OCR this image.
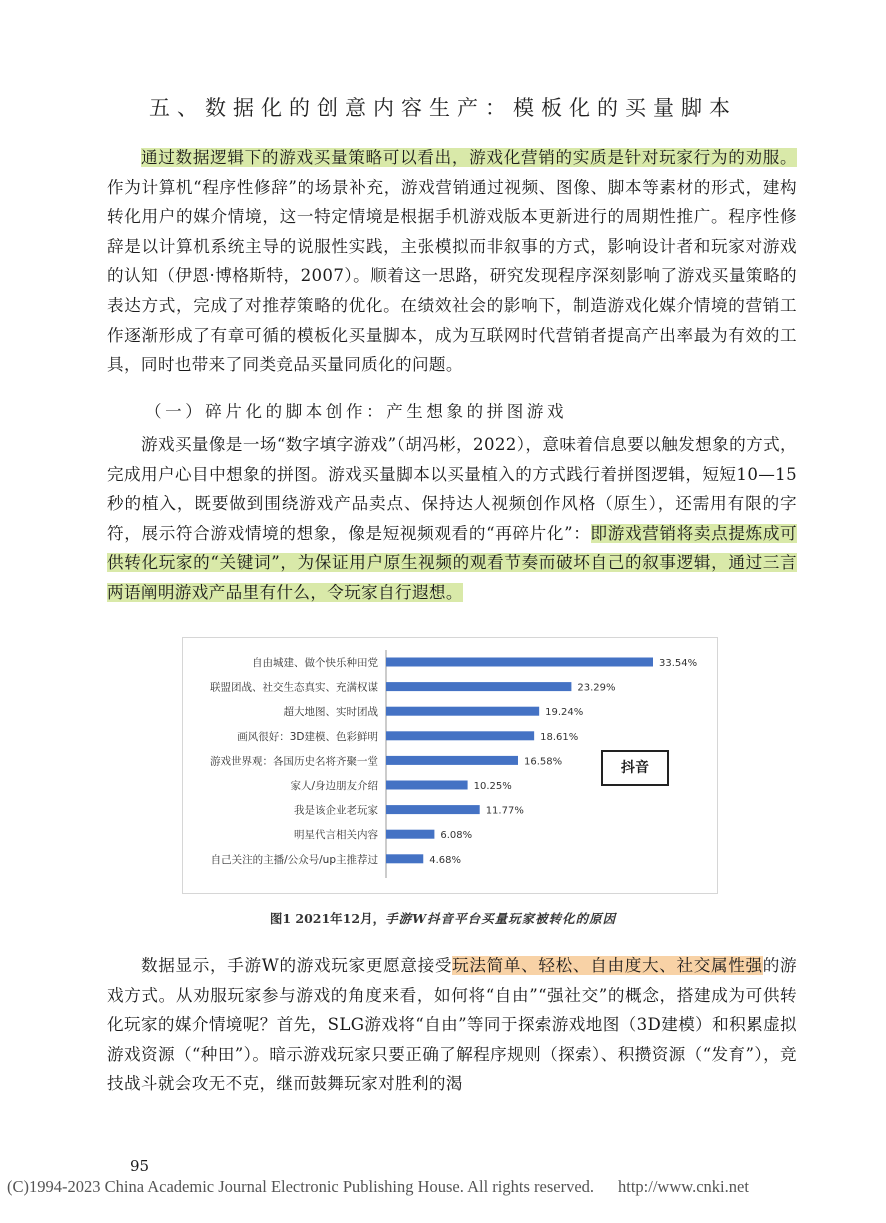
五、数据化的创意内容生产：模板化的买量脚本

通过数据逻辑下的游戏买量策略可以看出，游戏化营销的实质是针对玩家行为的劝服。作为计算机“程序性修辞”的场景补充，游戏营销通过视频、图像、脚本等素材的形式，建构转化用户的媒介情境，这一特定情境是根据手机游戏版本更新进行的周期性推广。程序性修辞是以计算机系统主导的说服性实践，主张模拟而非叙事的方式，影响设计者和玩家对游戏的认知（伊恩·博格斯特，2007）。顺着这一思路，研究发现程序深刻影响了游戏买量策略的表达方式，完成了对推荐策略的优化。在绩效社会的影响下，制造游戏化媒介情境的营销工作逐渐形成了有章可循的模板化买量脚本，成为互联网时代营销者提高产出率最为有效的工具，同时也带来了同类竞品买量同质化的问题。

（一）碎片化的脚本创作：产生想象的拼图游戏

游戏买量像是一场“数字填字游戏”（胡冯彬，2022），意味着信息要以触发想象的方式，完成用户心目中想象的拼图。游戏买量脚本以买量植入的方式践行着拼图逻辑，短短10—15秒的植入，既要做到围绕游戏产品卖点、保持达人视频创作风格（原生），还需用有限的字符，展示符合游戏情境的想象，像是短视频观看的“再碎片化”：即游戏营销将卖点提炼成可供转化玩家的“关键词”，为保证用户原生视频的观看节奏而破坏自己的叙事逻辑，通过三言两语阐明游戏产品里有什么，令玩家自行遐想。

自由城建、做个快乐种田党	33.54%
联盟团战、社交生态真实、充满权谋	23.29%
超大地图、实时团战	19.24%
画风很好：3D建模、色彩鲜明	18.61%
游戏世界观：各国历史名将齐聚一堂	16.58%
家人/身边朋友介绍	10.25%
我是该企业老玩家	11.77%
明星代言相关内容	6.08%
自己关注的主播/公众号/up主推荐过	4.68%
抖音
图1 2021年12月，手游W抖音平台买量玩家被转化的原因

数据显示，手游W的游戏玩家更愿意接受玩法简单、轻松、自由度大、社交属性强的游戏方式。从劝服玩家参与游戏的角度来看，如何将“自由”“强社交”的概念，搭建成为可供转化玩家的媒介情境呢？首先，SLG游戏将“自由”等同于探索游戏地图（3D建模）和积累虚拟游戏资源（“种田”）。暗示游戏玩家只要正确了解程序规则（探索）、积攒资源（“发育”），竞技战斗就会攻无不克，继而鼓舞玩家对胜利的渴

95
(C)1994-2023 China Academic Journal Electronic Publishing House. All rights reserved. http://www.cnki.net
